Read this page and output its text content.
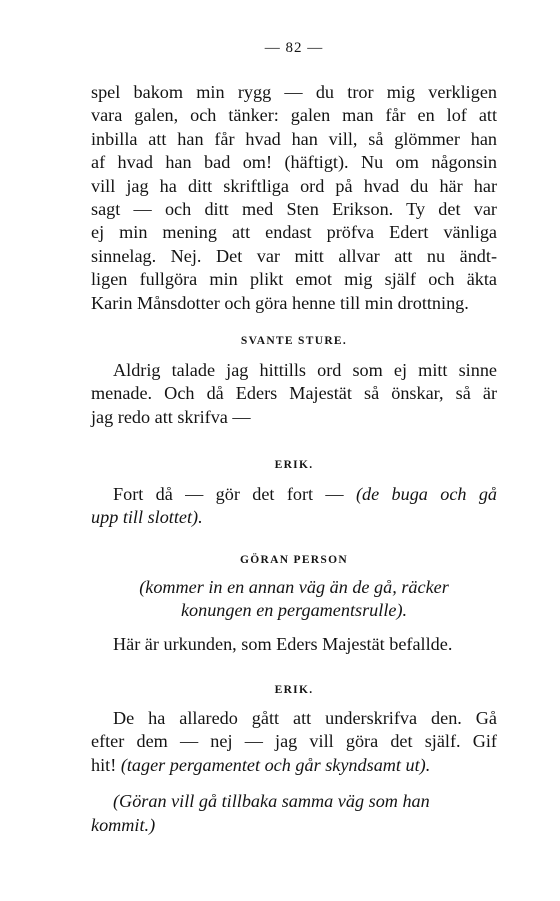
— 82 —
spel bakom min rygg — du tror mig verkligen
vara galen, och tänker: galen man får en lof att
inbilla att han får hvad han vill, så glömmer han
af hvad han bad om! (häftigt). Nu om någonsin
vill jag ha ditt skriftliga ord på hvad du här har
sagt — och ditt med Sten Erikson. Ty det var
ej min mening att endast pröfva Edert vänliga
sinnelag. Nej. Det var mitt allvar att nu ändt-
ligen fullgöra min plikt emot mig själf och äkta
Karin Månsdotter och göra henne till min drottning.
SVANTE STURE.
Aldrig talade jag hittills ord som ej mitt sinne
menade. Och då Eders Majestät så önskar, så är
jag redo att skrifva —
ERIK.
Fort då — gör det fort — (de buga och gå
upp till slottet).
GÖRAN PERSON
(kommer in en annan väg än de gå, räcker
konungen en pergamentsrulle).
Här är urkunden, som Eders Majestät befallde.
ERIK.
De ha allaredo gått att underskrifva den. Gå
efter dem — nej — jag vill göra det själf. Gif
hit! (tager pergamentet och går skyndsamt ut).
(Göran vill gå tillbaka samma väg som han
kommit.)
